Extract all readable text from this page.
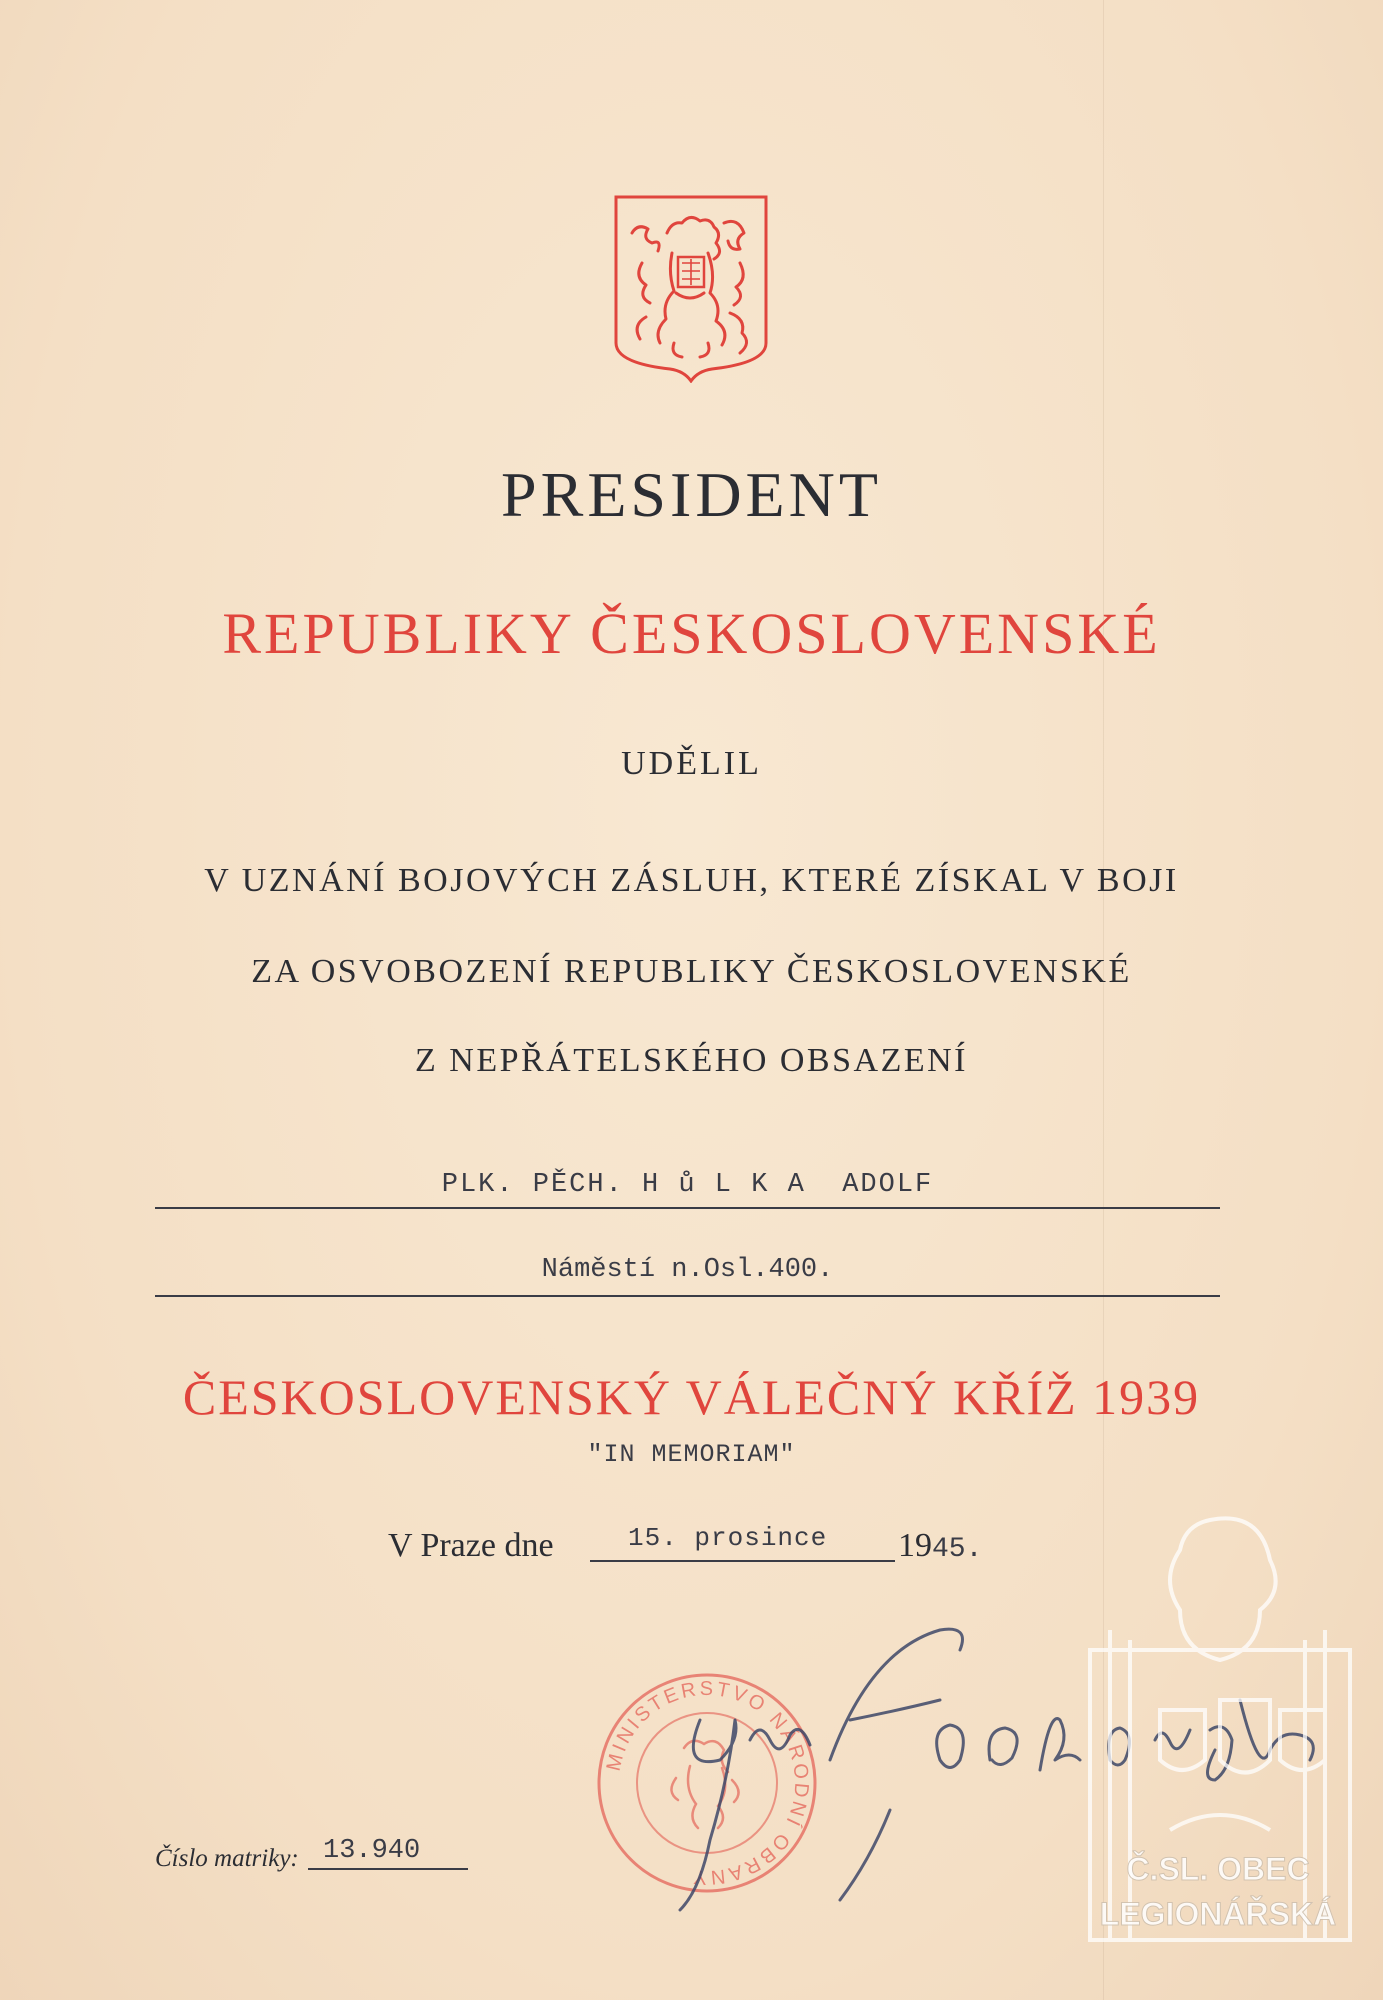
PRESIDENT
REPUBLIKY ČESKOSLOVENSKÉ
UDĚLIL
V UZNÁNÍ BOJOVÝCH ZÁSLUH, KTERÉ ZÍSKAL V BOJI
ZA OSVOBOZENÍ REPUBLIKY ČESKOSLOVENSKÉ
Z NEPŘÁTELSKÉHO OBSAZENÍ
PLK. PĚCH. H ů L K A  ADOLF
Náměstí n.Osl.400.
ČESKOSLOVENSKÝ VÁLEČNÝ KŘÍŽ 1939
"IN MEMORIAM"
V Praze dne	15. prosince 1945.
Číslo matriky: 13.940
MINISTERSTVO NÁRODNÍ OBRANY	Č.SL. OBEC
LEGIONÁŘSKÁ
